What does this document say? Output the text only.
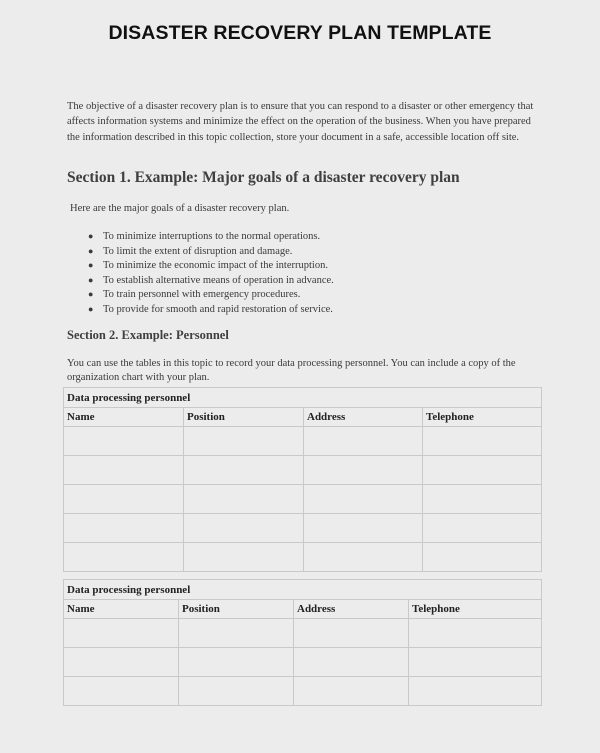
DISASTER RECOVERY PLAN TEMPLATE

The objective of a disaster recovery plan is to ensure that you can respond to a disaster or other emergency that affects information systems and minimize the effect on the operation of the business. When you have prepared the information described in this topic collection, store your document in a safe, accessible location off site.

Section 1. Example: Major goals of a disaster recovery plan

Here are the major goals of a disaster recovery plan.

● To minimize interruptions to the normal operations.
● To limit the extent of disruption and damage.
● To minimize the economic impact of the interruption.
● To establish alternative means of operation in advance.
● To train personnel with emergency procedures.
● To provide for smooth and rapid restoration of service.
Section 2. Example: Personnel

You can use the tables in this topic to record your data processing personnel. You can include a copy of the organization chart with your plan.

Data processing personnel			
Name	Position	Address	Telephone

Data processing personnel			
Name	Position	Address	Telephone
